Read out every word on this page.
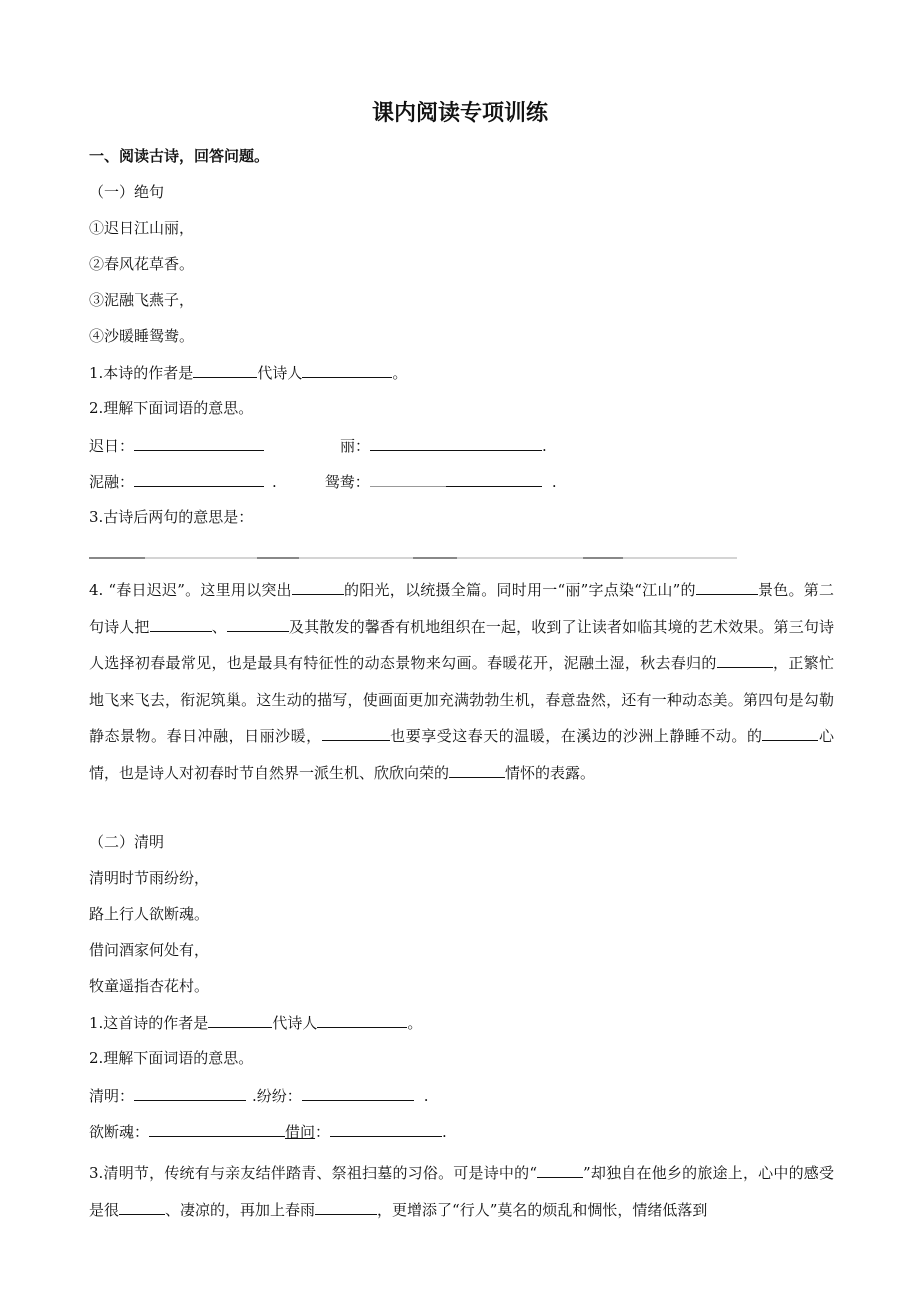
课内阅读专项训练
一、阅读古诗，回答问题。
（一）绝句
①迟日江山丽，
②春风花草香。
③泥融飞燕子，
④沙暖睡鸳鸯。
1.本诗的作者是	代诗人	。
2.理解下面词语的意思。
迟日：	丽：	.
泥融：	.	鸳鸯：	.
3.古诗后两句的意思是：
4. “春日迟迟”。这里用以突出	的阳光，以统摄全篇。同时用一“丽”字点染“江山”的	景色。第二句诗人把	、	及其散发的馨香有机地组织在一起，收到了让读者如临其境的艺术效果。第三句诗人选择初春最常见，也是最具有特征性的动态景物来勾画。春暖花开，泥融土湿，秋去春归的	，正繁忙地飞来飞去，衔泥筑巢。这生动的描写，使画面更加充满勃勃生机，春意盎然，还有一种动态美。第四句是勾勒静态景物。春日冲融，日丽沙暖，	也要享受这春天的温暖，在溪边的沙洲上静睡不动。的	心情，也是诗人对初春时节自然界一派生机、欣欣向荣的	情怀的表露。
（二）清明
清明时节雨纷纷，
路上行人欲断魂。
借问酒家何处有，
牧童遥指杏花村。
1.这首诗的作者是	代诗人	。
2.理解下面词语的意思。
清明：	.纷纷：	.
欲断魂：	借问：	.
3.清明节，传统有与亲友结伴踏青、祭祖扫墓的习俗。可是诗中的“	”却独自在他乡的旅途上，心中的感受是很	、凄凉的，再加上春雨	，更增添了“行人”莫名的烦乱和惆怅，情绪低落到
